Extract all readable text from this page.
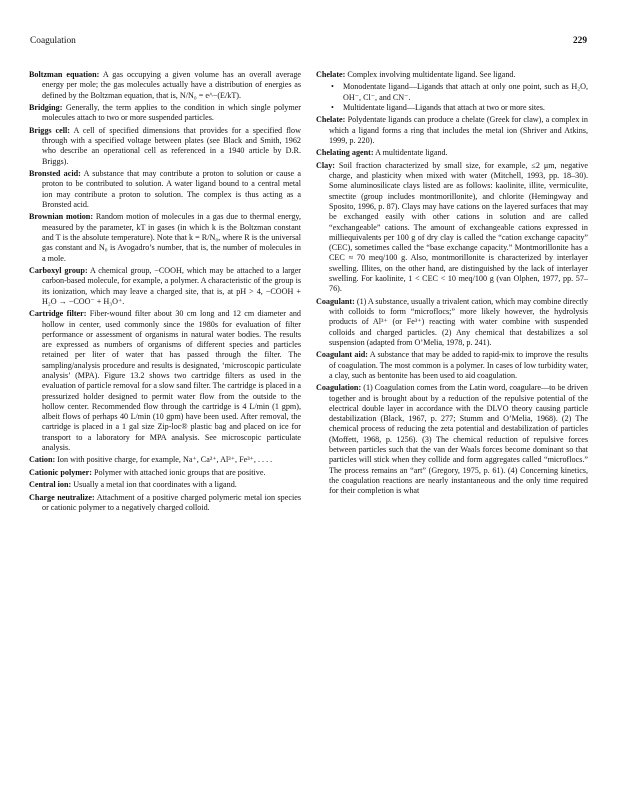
Coagulation	229

Boltzman equation: A gas occupying a given volume has an overall average energy per mole; the gas molecules actually have a distribution of energies as defined by the Boltzman equation, that is, N/N₀ = e^−(E/kT).

Bridging: Generally, the term applies to the condition in which single polymer molecules attach to two or more suspended particles.

Briggs cell: A cell of specified dimensions that provides for a specified flow through with a specified voltage between plates (see Black and Smith, 1962 who describe an operational cell as referenced in a 1940 article by D.R. Briggs).

Bronsted acid: A substance that may contribute a proton to solution or cause a proton to be contributed to solution. A water ligand bound to a central metal ion may contribute a proton to solution. The complex is thus acting as a Bronsted acid.

Brownian motion: Random motion of molecules in a gas due to thermal energy, measured by the parameter, kT in gases (in which k is the Boltzman constant and T is the absolute temperature). Note that k = R/N₀, where R is the universal gas constant and N₀ is Avogadro’s number, that is, the number of molecules in a mole.

Carboxyl group: A chemical group, −COOH, which may be attached to a larger carbon-based molecule, for example, a polymer. A characteristic of the group is its ionization, which may leave a charged site, that is, at pH > 4, −COOH + H₂O → −COO⁻ + H₃O⁺.

Cartridge filter: Fiber-wound filter about 30 cm long and 12 cm diameter and hollow in center, used commonly since the 1980s for evaluation of filter performance or assessment of organisms in natural water bodies. The results are expressed as numbers of organisms of different species and particles retained per liter of water that has passed through the filter. The sampling/analysis procedure and results is designated, ‘microscopic particulate analysis’ (MPA). Figure 13.2 shows two cartridge filters as used in the evaluation of particle removal for a slow sand filter. The cartridge is placed in a pressurized holder designed to permit water flow from the outside to the hollow center. Recommended flow through the cartridge is 4 L/min (1 gpm), albeit flows of perhaps 40 L/min (10 gpm) have been used. After removal, the cartridge is placed in a 1 gal size Zip-loc® plastic bag and placed on ice for transport to a laboratory for MPA analysis. See microscopic particulate analysis.

Cation: Ion with positive charge, for example, Na⁺, Ca²⁺, Al³⁺, Fe³⁺, . . . .

Cationic polymer: Polymer with attached ionic groups that are positive.

Central ion: Usually a metal ion that coordinates with a ligand.

Charge neutralize: Attachment of a positive charged polymeric metal ion species or cationic polymer to a negatively charged colloid.

Chelate: Complex involving multidentate ligand. See ligand.

• Monodentate ligand—Ligands that attach at only one point, such as H₂O, OH⁻, Cl⁻, and CN⁻.
• Multidentate ligand—Ligands that attach at two or more sites.

Chelate: Polydentate ligands can produce a chelate (Greek for claw), a complex in which a ligand forms a ring that includes the metal ion (Shriver and Atkins, 1999, p. 220).

Chelating agent: A multidentate ligand.

Clay: Soil fraction characterized by small size, for example, ≤2 μm, negative charge, and plasticity when mixed with water (Mitchell, 1993, pp. 18–30). Some aluminosilicate clays listed are as follows: kaolinite, illite, vermiculite, smectite (group includes montmorillonite), and chlorite (Hemingway and Sposito, 1996, p. 87). Clays may have cations on the layered surfaces that may be exchanged easily with other cations in solution and are called “exchangeable” cations. The amount of exchangeable cations expressed in milliequivalents per 100 g of dry clay is called the “cation exchange capacity” (CEC), sometimes called the “base exchange capacity.” Montmorillonite has a CEC ≈ 70 meq/100 g. Also, montmorillonite is characterized by interlayer swelling. Illites, on the other hand, are distinguished by the lack of interlayer swelling. For kaolinite, 1 < CEC < 10 meq/100 g (van Olphen, 1977, pp. 57–76).

Coagulant: (1) A substance, usually a trivalent cation, which may combine directly with colloids to form “microflocs;” more likely however, the hydrolysis products of Al³⁺ (or Fe³⁺) reacting with water combine with suspended colloids and charged particles. (2) Any chemical that destabilizes a sol suspension (adapted from O’Melia, 1978, p. 241).

Coagulant aid: A substance that may be added to rapid-mix to improve the results of coagulation. The most common is a polymer. In cases of low turbidity water, a clay, such as bentonite has been used to aid coagulation.

Coagulation: (1) Coagulation comes from the Latin word, coagulare—to be driven together and is brought about by a reduction of the repulsive potential of the electrical double layer in accordance with the DLVO theory causing particle destabilization (Black, 1967, p. 277; Stumm and O’Melia, 1968). (2) The chemical process of reducing the zeta potential and destabilization of particles (Moffett, 1968, p. 1256). (3) The chemical reduction of repulsive forces between particles such that the van der Waals forces become dominant so that particles will stick when they collide and form aggregates called “microflocs.” The process remains an “art” (Gregory, 1975, p. 61). (4) Concerning kinetics, the coagulation reactions are nearly instantaneous and the only time required for their completion is what
